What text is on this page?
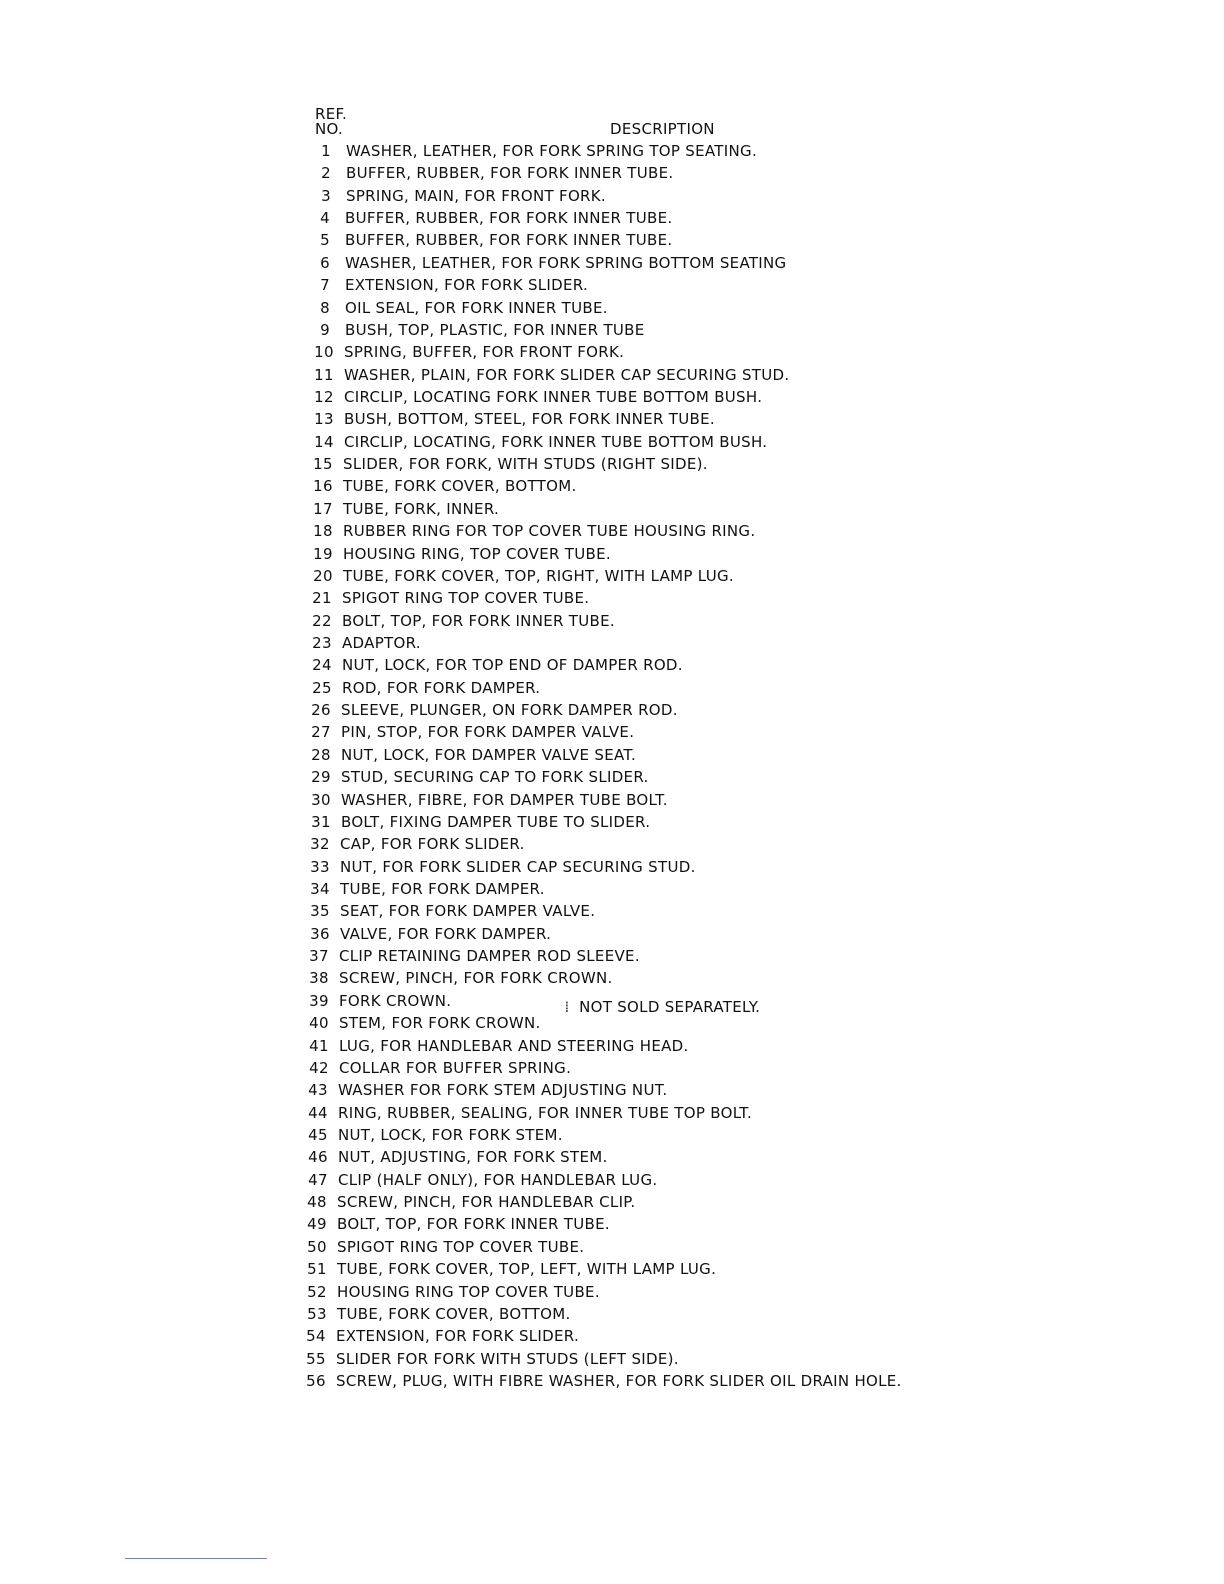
REF.
NO.	DESCRIPTION
1 WASHER, LEATHER, FOR FORK SPRING TOP SEATING.
2 BUFFER, RUBBER, FOR FORK INNER TUBE.
3 SPRING, MAIN, FOR FRONT FORK.
4 BUFFER, RUBBER, FOR FORK INNER TUBE.
5 BUFFER, RUBBER, FOR FORK INNER TUBE.
6 WASHER, LEATHER, FOR FORK SPRING BOTTOM SEATING
7 EXTENSION, FOR FORK SLIDER.
8 OIL SEAL, FOR FORK INNER TUBE.
9 BUSH, TOP, PLASTIC, FOR INNER TUBE
10 SPRING, BUFFER, FOR FRONT FORK.
11 WASHER, PLAIN, FOR FORK SLIDER CAP SECURING STUD.
12 CIRCLIP, LOCATING FORK INNER TUBE BOTTOM BUSH.
13 BUSH, BOTTOM, STEEL, FOR FORK INNER TUBE.
14 CIRCLIP, LOCATING, FORK INNER TUBE BOTTOM BUSH.
15 SLIDER, FOR FORK, WITH STUDS (RIGHT SIDE).
16 TUBE, FORK COVER, BOTTOM.
17 TUBE, FORK, INNER.
18 RUBBER RING FOR TOP COVER TUBE HOUSING RING.
19 HOUSING RING, TOP COVER TUBE.
20 TUBE, FORK COVER, TOP, RIGHT, WITH LAMP LUG.
21 SPIGOT RING TOP COVER TUBE.
22 BOLT, TOP, FOR FORK INNER TUBE.
23 ADAPTOR.
24 NUT, LOCK, FOR TOP END OF DAMPER ROD.
25 ROD, FOR FORK DAMPER.
26 SLEEVE, PLUNGER, ON FORK DAMPER ROD.
27 PIN, STOP, FOR FORK DAMPER VALVE.
28 NUT, LOCK, FOR DAMPER VALVE SEAT.
29 STUD, SECURING CAP TO FORK SLIDER.
30 WASHER, FIBRE, FOR DAMPER TUBE BOLT.
31 BOLT, FIXING DAMPER TUBE TO SLIDER.
32 CAP, FOR FORK SLIDER.
33 NUT, FOR FORK SLIDER CAP SECURING STUD.
34 TUBE, FOR FORK DAMPER.
35 SEAT, FOR FORK DAMPER VALVE.
36 VALVE, FOR FORK DAMPER.
37 CLIP RETAINING DAMPER ROD SLEEVE.
38 SCREW, PINCH, FOR FORK CROWN.
39 FORK CROWN.
40 STEM, FOR FORK CROWN.
41 LUG, FOR HANDLEBAR AND STEERING HEAD.
42 COLLAR FOR BUFFER SPRING.
43 WASHER FOR FORK STEM ADJUSTING NUT.
44 RING, RUBBER, SEALING, FOR INNER TUBE TOP BOLT.
45 NUT, LOCK, FOR FORK STEM.
46 NUT, ADJUSTING, FOR FORK STEM.
47 CLIP (HALF ONLY), FOR HANDLEBAR LUG.
48 SCREW, PINCH, FOR HANDLEBAR CLIP.
49 BOLT, TOP, FOR FORK INNER TUBE.
50 SPIGOT RING TOP COVER TUBE.
51 TUBE, FORK COVER, TOP, LEFT, WITH LAMP LUG.
52 HOUSING RING TOP COVER TUBE.
53 TUBE, FORK COVER, BOTTOM.
54 EXTENSION, FOR FORK SLIDER.
55 SLIDER FOR FORK WITH STUDS (LEFT SIDE).
56 SCREW, PLUG, WITH FIBRE WASHER, FOR FORK SLIDER OIL DRAIN HOLE.
⁞ NOT SOLD SEPARATELY.
